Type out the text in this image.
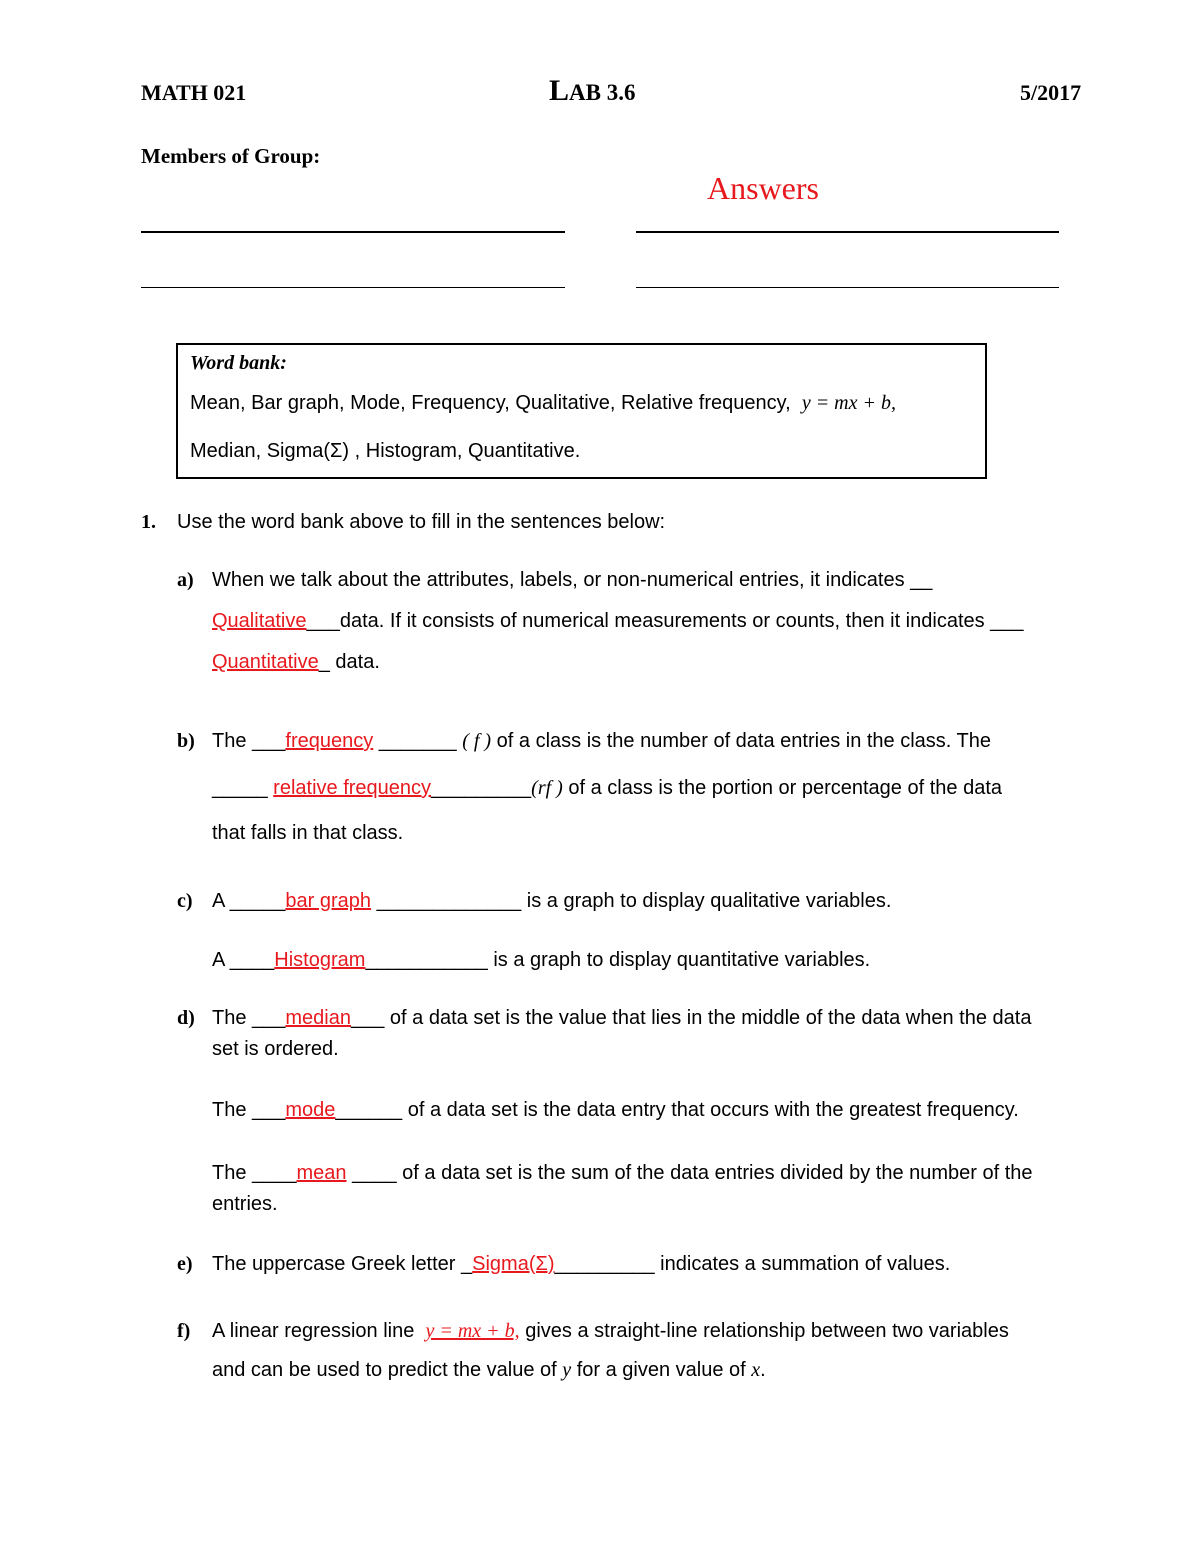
MATH 021	LAB 3.6	5/2017
Members of Group:
Answers
Word bank:
Mean, Bar graph, Mode, Frequency, Qualitative, Relative frequency, y = mx + b,
Median, Sigma(Σ) , Histogram, Quantitative.
1. Use the word bank above to fill in the sentences below:
a) When we talk about the attributes, labels, or non-numerical entries, it indicates __
Qualitative___data. If it consists of numerical measurements or counts, then it indicates ___
Quantitative_ data.
b) The ___frequency _______ ( f ) of a class is the number of data entries in the class. The
_____ relative frequency_________(rf ) of a class is the portion or percentage of the data
that falls in that class.
c) A _____bar graph _____________ is a graph to display qualitative variables.
A ____Histogram___________ is a graph to display quantitative variables.
d) The ___median___ of a data set is the value that lies in the middle of the data when the data
set is ordered.
The ___mode______ of a data set is the data entry that occurs with the greatest frequency.
The ____mean ____ of a data set is the sum of the data entries divided by the number of the
entries.
e) The uppercase Greek letter _Sigma(Σ)_________ indicates a summation of values.
f) A linear regression line y = mx + b, gives a straight-line relationship between two variables
and can be used to predict the value of y for a given value of x.
